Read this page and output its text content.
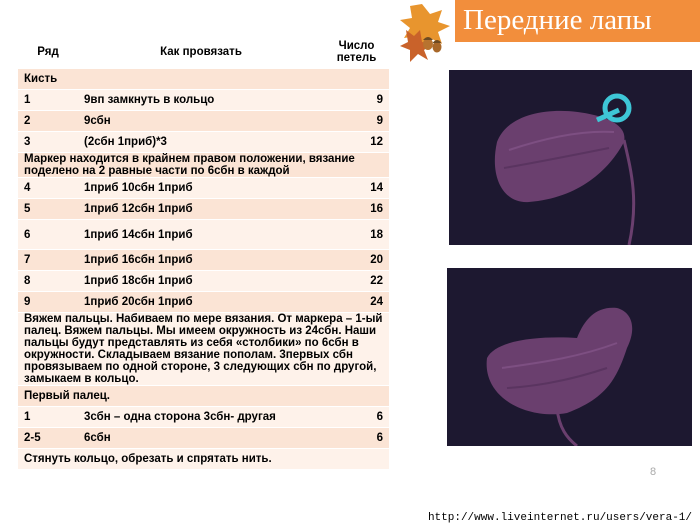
Передние лапы
Ряд	Как провязать	Число петель
Кисть		
1	9вп замкнуть в кольцо	9
2	9сбн	9
3	(2сбн 1приб)*3	12
Маркер находится в крайнем правом положении, вязание поделено на 2 равные части по 6сбн в каждой		
4	1приб 10сбн 1приб	14
5	1приб 12сбн 1приб	16
6	1приб 14сбн 1приб	18
7	1приб 16сбн 1приб	20
8	1приб 18сбн 1приб	22
9	1приб 20сбн 1приб	24
Вяжем пальцы. Набиваем по мере вязания. От маркера – 1-ый палец. Вяжем пальцы. Мы имеем окружность из 24сбн. Наши пальцы будут представлять из себя «столбики» по 6сбн в окружности. Складываем вязание пополам. 3первых сбн провязываем по одной стороне, 3 следующих сбн по другой, замыкаем в кольцо.		
Первый палец.		
1	3сбн – одна сторона 3сбн- другая	6
2-5	6сбн	6
Стянуть кольцо, обрезать и спрятать нить.		
8
http://www.liveinternet.ru/users/vera-1/
